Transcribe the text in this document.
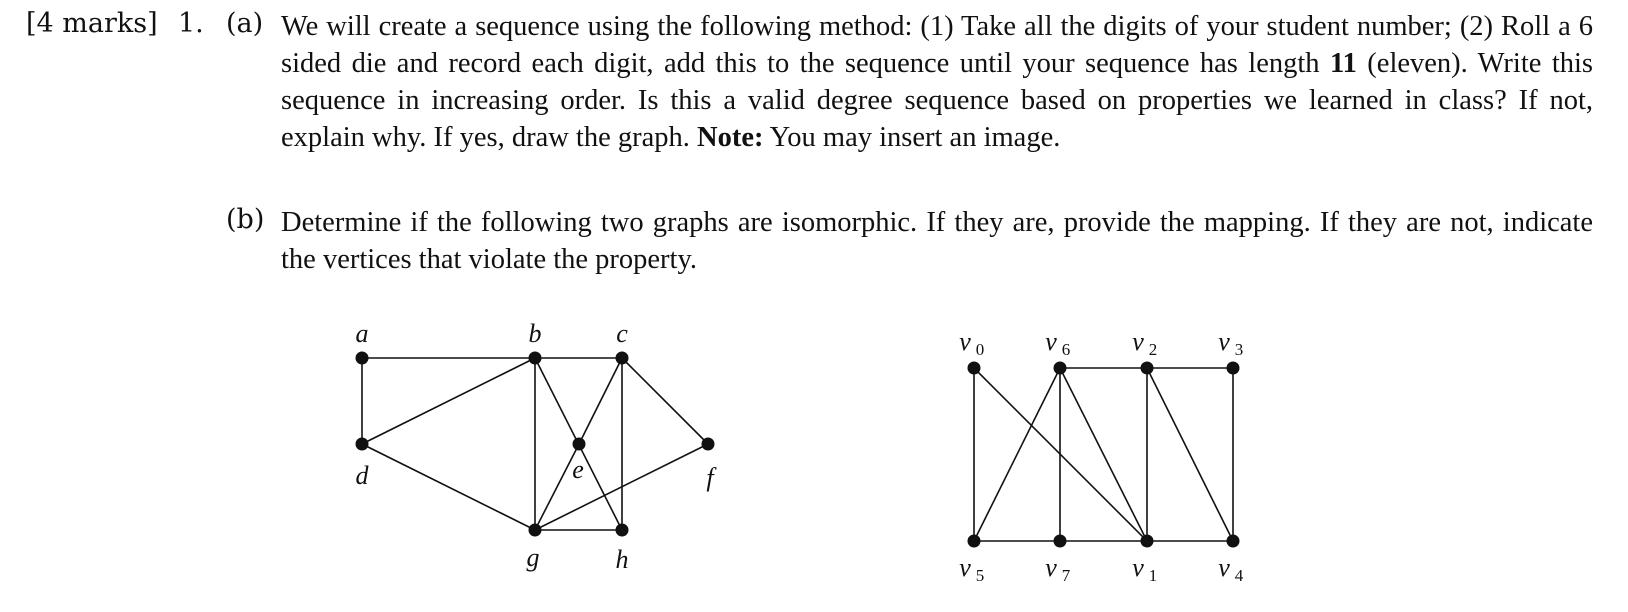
[4 marks] 1. (a) We will create a sequence using the following method: (1) Take all the digits of your student number; (2) Roll a 6 sided die and record each digit, add this to the sequence until your sequence has length 11 (eleven). Write this sequence in increasing order. Is this a valid degree sequence based on properties we learned in class? If not, explain why. If yes, draw the graph. Note: You may insert an image.
(b) Determine if the following two graphs are isomorphic. If they are, provide the mapping. If they are not, indicate the vertices that violate the property.
a	b	c
d	e	f
g	h
v 0 v 6 v 2 v 3
v 5 v 7 v 1 v 4
